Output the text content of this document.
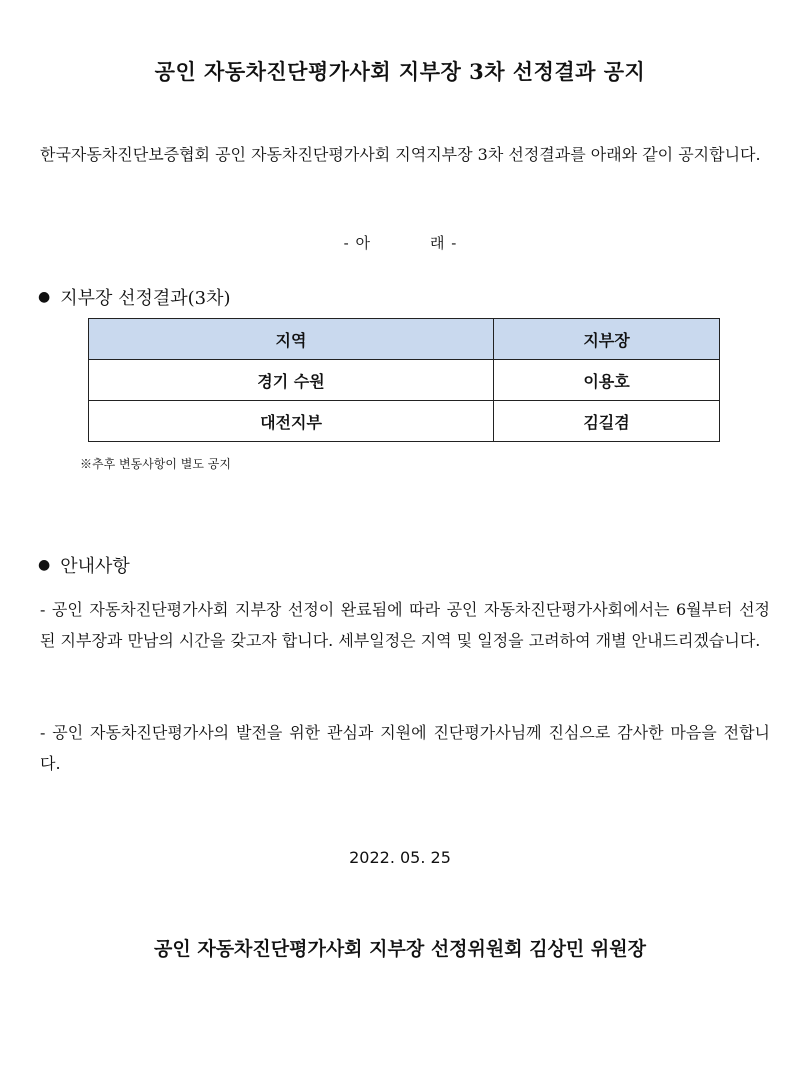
공인 자동차진단평가사회 지부장 3차 선정결과 공지
한국자동차진단보증협회 공인 자동차진단평가사회 지역지부장 3차 선정결과를 아래와 같이 공지합니다.
- 아	래 -
● 지부장 선정결과(3차)
지역	지부장
경기 수원	이용호
대전지부	김길겸
※추후 변동사항이 별도 공지
● 안내사항
- 공인 자동차진단평가사회 지부장 선정이 완료됨에 따라 공인 자동차진단평가사회에서는 6월부터 선정된 지부장과 만남의 시간을 갖고자 합니다. 세부일정은 지역 및 일정을 고려하여 개별 안내드리겠습니다.
- 공인 자동차진단평가사의 발전을 위한 관심과 지원에 진단평가사님께 진심으로 감사한 마음을 전합니다.
2022. 05. 25
공인 자동차진단평가사회 지부장 선정위원회 김상민 위원장
